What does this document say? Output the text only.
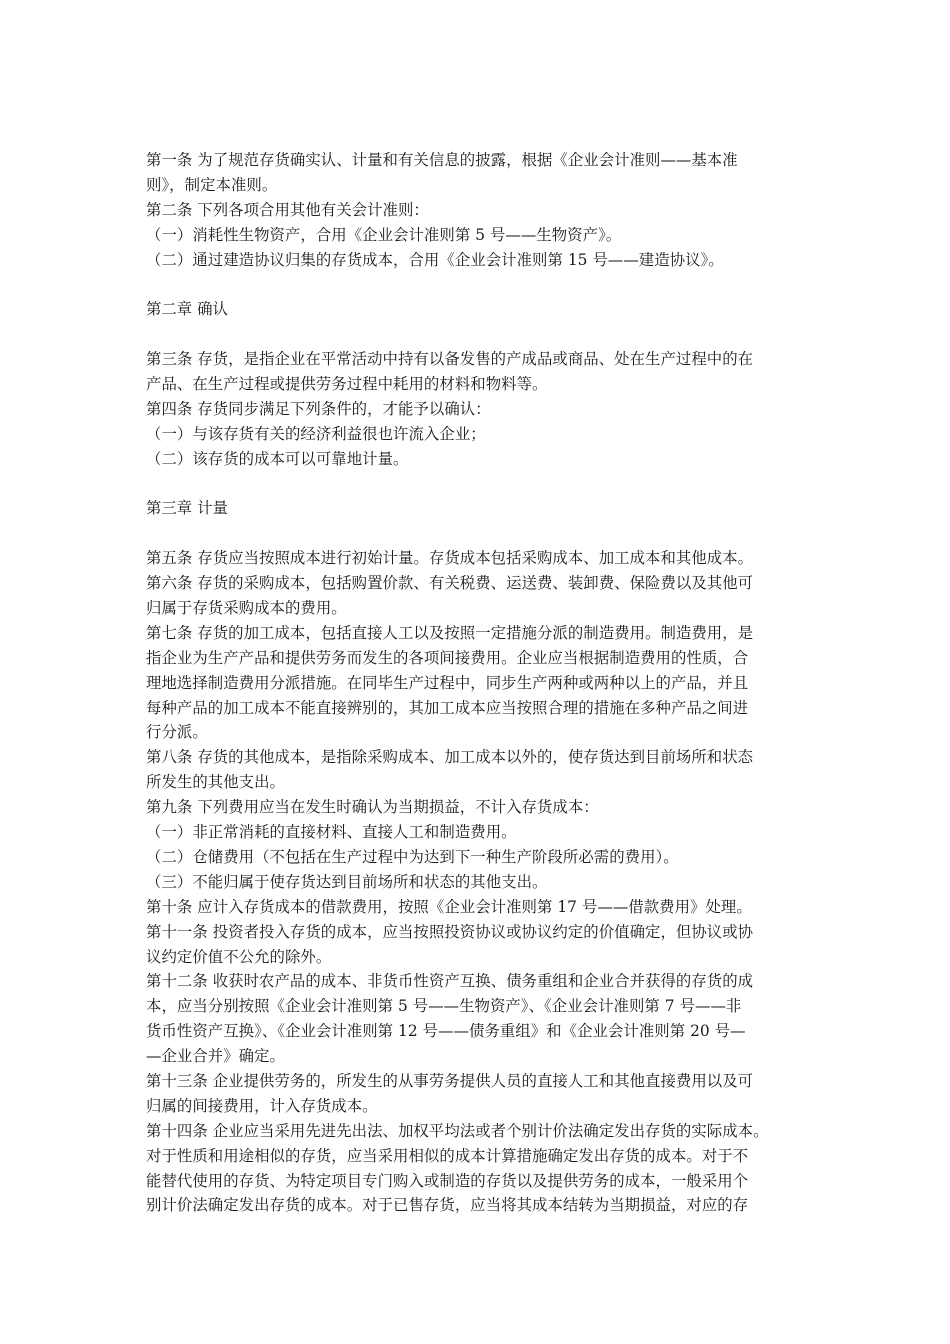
第一条 为了规范存货确实认、计量和有关信息的披露，根据《企业会计准则——基本准
则》，制定本准则。
第二条 下列各项合用其他有关会计准则：
（一）消耗性生物资产，合用《企业会计准则第 5 号——生物资产》。
（二）通过建造协议归集的存货成本，合用《企业会计准则第 15 号——建造协议》。
第二章 确认
第三条 存货，是指企业在平常活动中持有以备发售的产成品或商品、处在生产过程中的在
产品、在生产过程或提供劳务过程中耗用的材料和物料等。
第四条 存货同步满足下列条件的，才能予以确认：
（一）与该存货有关的经济利益很也许流入企业；
（二）该存货的成本可以可靠地计量。
第三章 计量
第五条 存货应当按照成本进行初始计量。存货成本包括采购成本、加工成本和其他成本。
第六条 存货的采购成本，包括购置价款、有关税费、运送费、装卸费、保险费以及其他可
归属于存货采购成本的费用。
第七条 存货的加工成本，包括直接人工以及按照一定措施分派的制造费用。制造费用，是
指企业为生产产品和提供劳务而发生的各项间接费用。企业应当根据制造费用的性质，合
理地选择制造费用分派措施。在同毕生产过程中，同步生产两种或两种以上的产品，并且
每种产品的加工成本不能直接辨别的，其加工成本应当按照合理的措施在多种产品之间进
行分派。
第八条 存货的其他成本，是指除采购成本、加工成本以外的，使存货达到目前场所和状态
所发生的其他支出。
第九条 下列费用应当在发生时确认为当期损益，不计入存货成本：
（一）非正常消耗的直接材料、直接人工和制造费用。
（二）仓储费用（不包括在生产过程中为达到下一种生产阶段所必需的费用）。
（三）不能归属于使存货达到目前场所和状态的其他支出。
第十条 应计入存货成本的借款费用，按照《企业会计准则第 17 号——借款费用》处理。
第十一条 投资者投入存货的成本，应当按照投资协议或协议约定的价值确定，但协议或协
议约定价值不公允的除外。
第十二条 收获时农产品的成本、非货币性资产互换、债务重组和企业合并获得的存货的成
本，应当分别按照《企业会计准则第 5 号——生物资产》、《企业会计准则第 7 号——非
货币性资产互换》、《企业会计准则第 12 号——债务重组》和《企业会计准则第 20 号—
—企业合并》确定。
第十三条 企业提供劳务的，所发生的从事劳务提供人员的直接人工和其他直接费用以及可
归属的间接费用，计入存货成本。
第十四条 企业应当采用先进先出法、加权平均法或者个别计价法确定发出存货的实际成本。
对于性质和用途相似的存货，应当采用相似的成本计算措施确定发出存货的成本。对于不
能替代使用的存货、为特定项目专门购入或制造的存货以及提供劳务的成本，一般采用个
别计价法确定发出存货的成本。对于已售存货，应当将其成本结转为当期损益，对应的存
